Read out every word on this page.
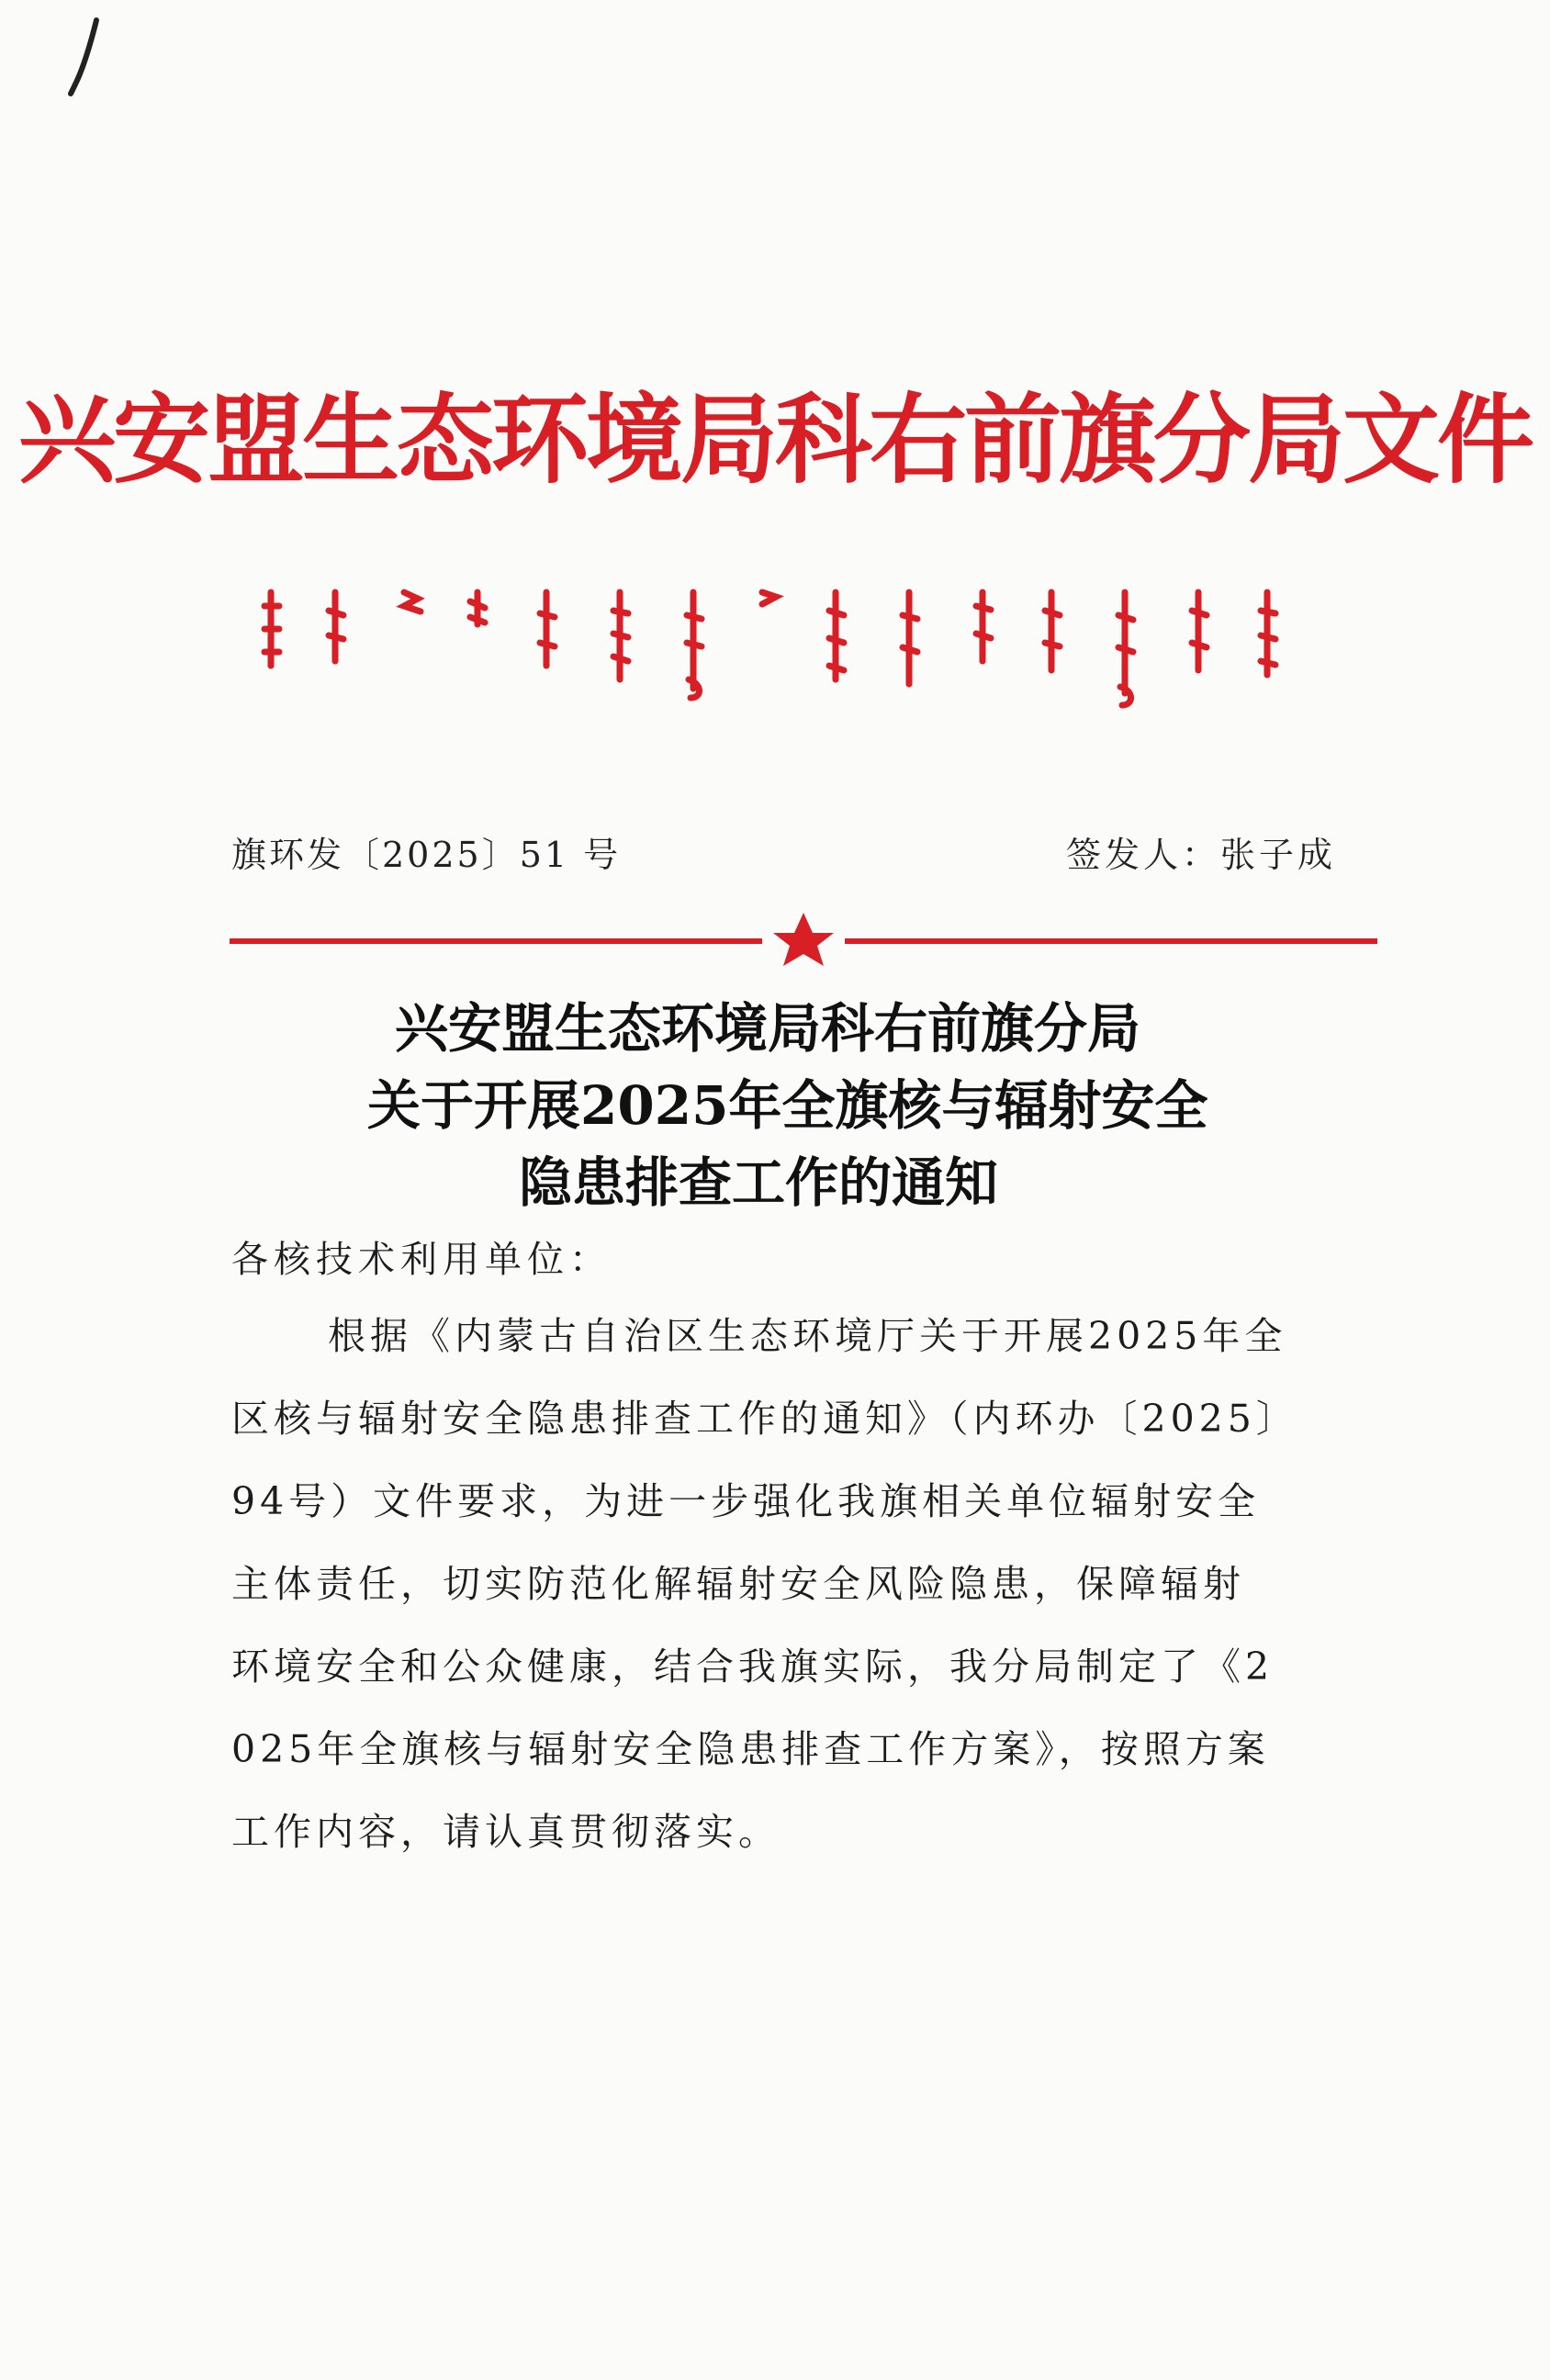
兴安盟生态环境局科右前旗分局文件
旗环发〔2025〕51 号	签发人：张子成
兴安盟生态环境局科右前旗分局
关于开展2025年全旗核与辐射安全
隐患排查工作的通知
各核技术利用单位：
根据《内蒙古自治区生态环境厅关于开展2025年全
区核与辐射安全隐患排查工作的通知》（内环办〔2025〕
94号）文件要求，为进一步强化我旗相关单位辐射安全
主体责任，切实防范化解辐射安全风险隐患，保障辐射
环境安全和公众健康，结合我旗实际，我分局制定了《2
025年全旗核与辐射安全隐患排查工作方案》，按照方案
工作内容，请认真贯彻落实。
